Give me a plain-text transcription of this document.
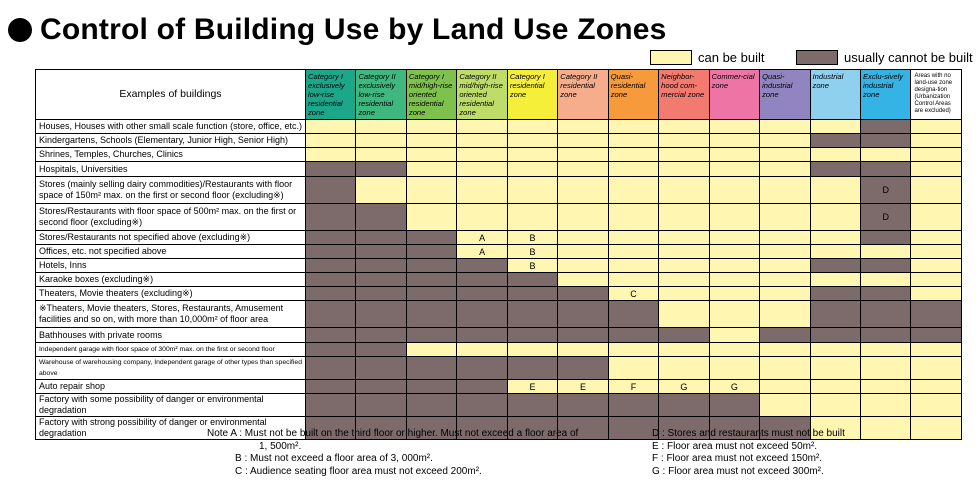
Control of Building Use by Land Use Zones
can be built	usually cannot be built
Examples of buildings	Category I exclusively low-rise residential zone	Category II exclusively low-rise residential zone	Category I mid/high-rise oriented residential zone	Category II mid/high-rise oriented residential zone	Category I residential zone	Category II residential zone	Quasi-residential zone	Neighbor-hood com-mercial zone	Commer-cial zone	Quasi-industrial zone	Industrial zone	Exclu-sively industrial zone	Areas with no land-use zone designa-tion (Urbanization Control Areas are excluded)
Houses, Houses with other small scale function (store, office, etc.)													
Kindergartens, Schools (Elementary, Junior High, Senior High)													
Shrines, Temples, Churches, Clinics													
Hospitals, Universities													
Stores (mainly selling dairy commodities)/Restaurants with floor space of 150m² max. on the first or second floor (excluding※)												D	
Stores/Restaurants with floor space of 500m² max. on the first or second floor (excluding※)												D	
Stores/Restaurants not specified above (excluding※)				A	B								
Offices, etc. not specified above				A	B								
Hotels, Inns					B								
Karaoke boxes (excluding※)													
Theaters, Movie theaters (excluding※)							C						
※Theaters, Movie theaters, Stores, Restaurants, Amusement facilities and so on, with more than 10,000m² of floor area													
Bathhouses with private rooms													
Independent garage with floor space of 300m² max. on the first or second floor													
Warehouse of warehousing company, Independent garage of other types than specified above													
Auto repair shop					E	E	F	G	G				
Factory with some possibility of danger or environmental degradation													
Factory with strong possibility of danger or environmental degradation														Note A : Must not be built on the third floor or higher. Must not exceed a floor area of
1, 500m².
B : Must not exceed a floor area of 3, 000m².
C : Audience seating floor area must not exceed 200m².
D : Stores and restaurants must not be built
E : Floor area must not exceed 50m².
F : Floor area must not exceed 150m².
G : Floor area must not exceed 300m².
